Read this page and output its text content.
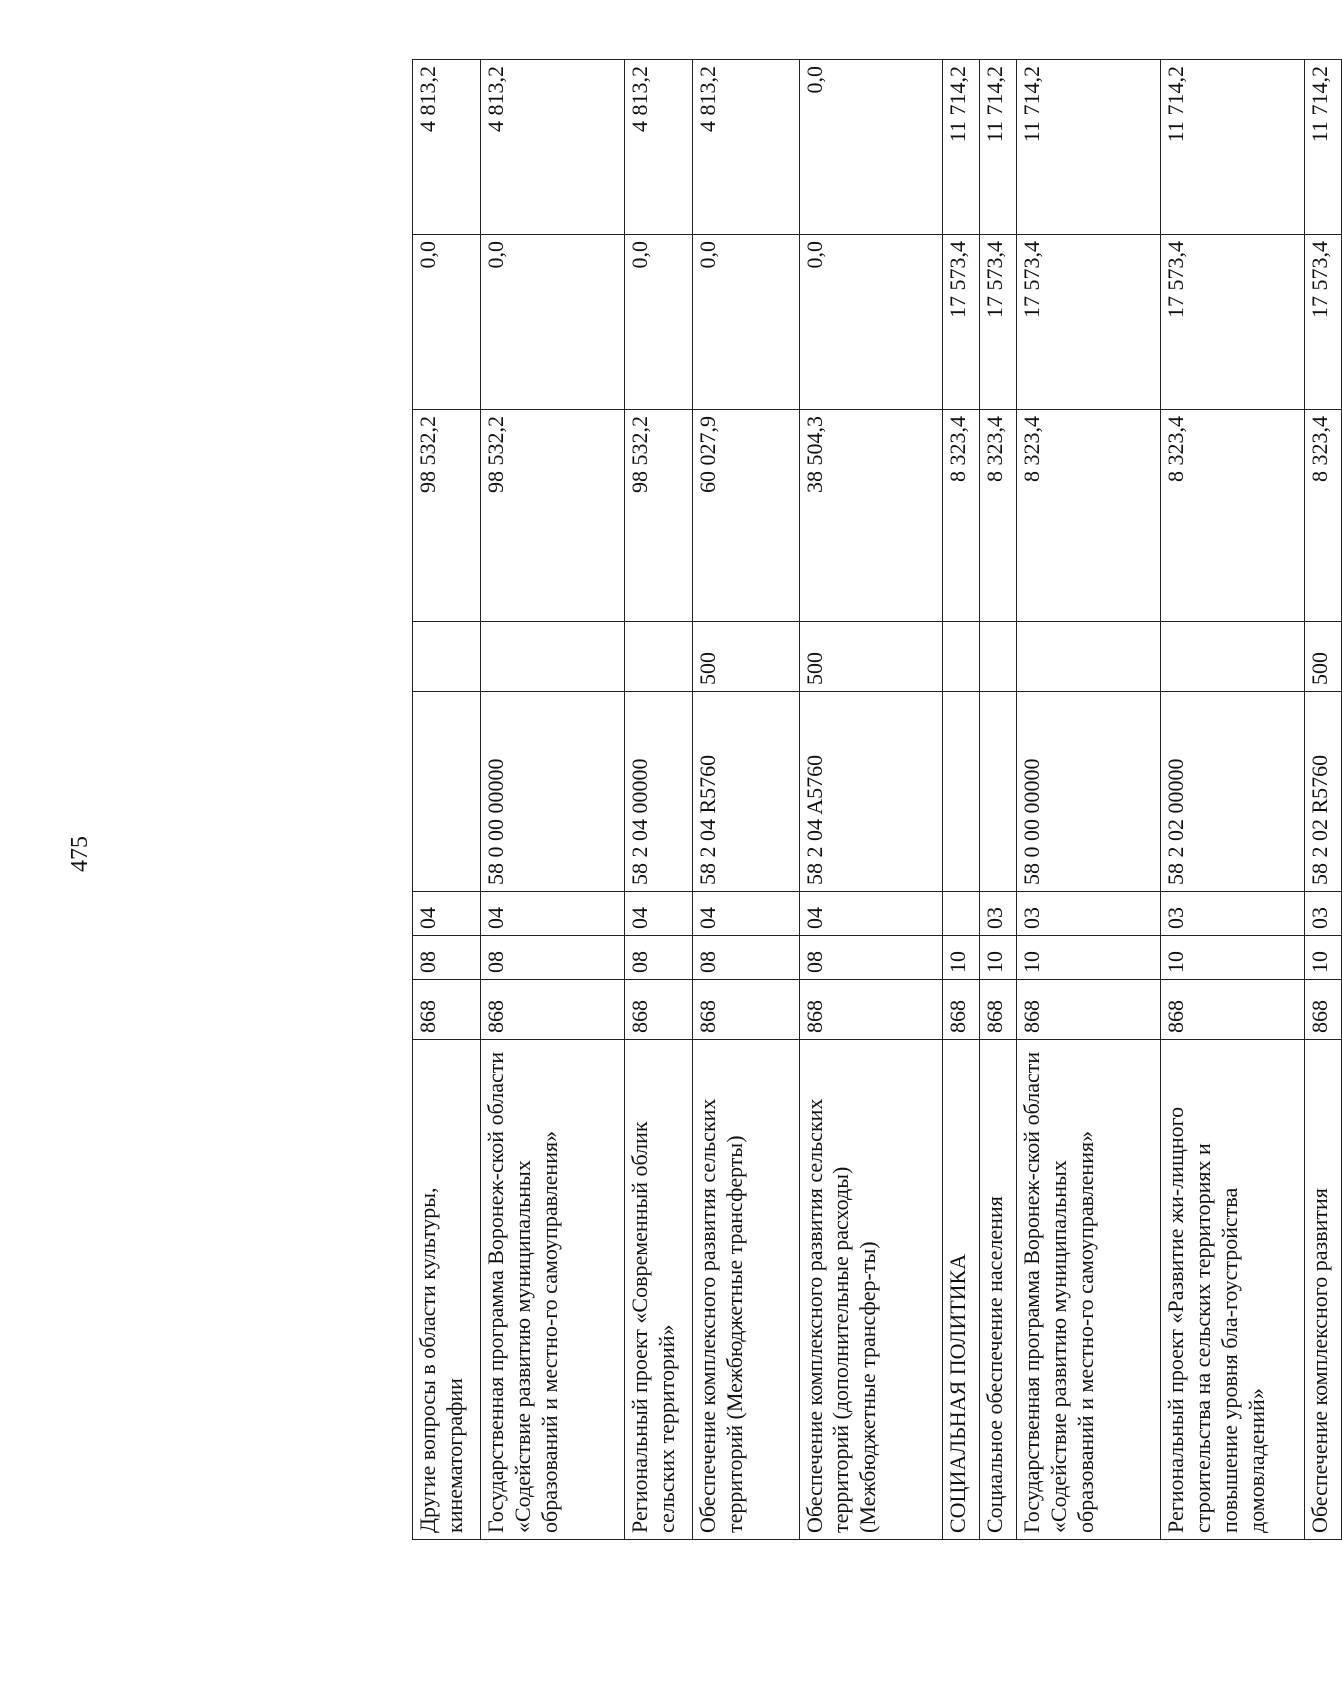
475
Другие вопросы в области культуры, кинематографии	868	08	04			98 532,2	0,0	4 813,2
Государственная программа Воронеж-ской области «Содействие развитию муниципальных образований и местно-го самоуправления»	868	08	04	58 0 00 00000		98 532,2	0,0	4 813,2
Региональный проект «Современный облик сельских территорий»	868	08	04	58 2 04 00000		98 532,2	0,0	4 813,2
Обеспечение комплексного развития сельских территорий (Межбюджетные трансферты)	868	08	04	58 2 04 R5760	500	60 027,9	0,0	4 813,2
Обеспечение комплексного развития сельских территорий (дополнительные расходы) (Межбюджетные трансфер-ты)	868	08	04	58 2 04 A5760	500	38 504,3	0,0	0,0
СОЦИАЛЬНАЯ ПОЛИТИКА	868	10				8 323,4	17 573,4	11 714,2
Социальное обеспечение населения	868	10	03			8 323,4	17 573,4	11 714,2
Государственная программа Воронеж-ской области «Содействие развитию муниципальных образований и местно-го самоуправления»	868	10	03	58 0 00 00000		8 323,4	17 573,4	11 714,2
Региональный проект «Развитие жи-лищного строительства на сельских территориях и повышение уровня бла-гоустройства домовладений»	868	10	03	58 2 02 00000		8 323,4	17 573,4	11 714,2
Обеспечение комплексного развития	868	10	03	58 2 02 R5760	500	8 323,4	17 573,4	11 714,2
